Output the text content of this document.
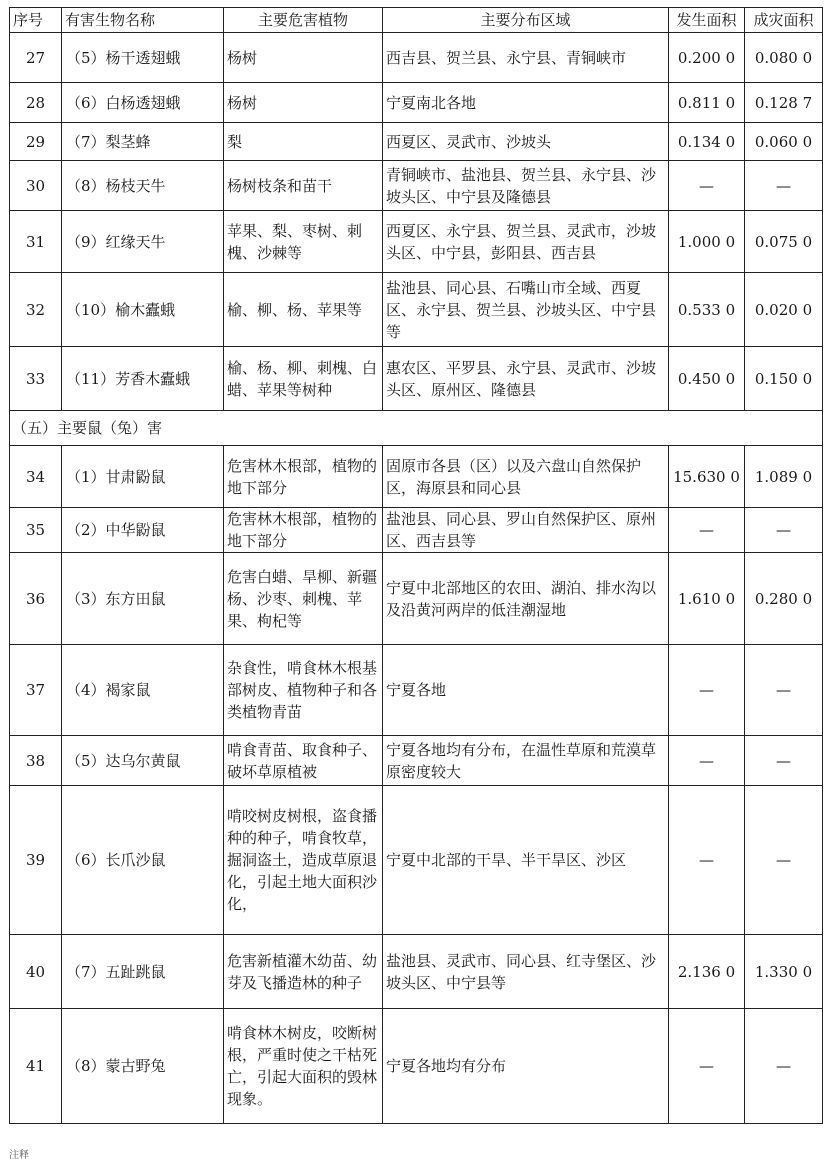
序号	有害生物名称	主要危害植物	主要分布区域	发生面积	成灾面积
27	（5）杨干透翅蛾	杨树	西吉县、贺兰县、永宁县、青铜峡市	0.200 0	0.080 0
28	（6）白杨透翅蛾	杨树	宁夏南北各地	0.811 0	0.128 7
29	（7）梨茎蜂	梨	西夏区、灵武市、沙坡头	0.134 0	0.060 0
30	（8）杨枝天牛	杨树枝条和苗干	青铜峡市、盐池县、贺兰县、永宁县、沙坡头区、中宁县及隆德县	—	—
31	（9）红缘天牛	苹果、梨、枣树、刺槐、沙棘等	西夏区、永宁县、贺兰县、灵武市，沙坡头区、中宁县，彭阳县、西吉县	1.000 0	0.075 0
32	（10）榆木蠹蛾	榆、柳、杨、苹果等	盐池县、同心县、石嘴山市全域、西夏区、永宁县、贺兰县、沙坡头区、中宁县等	0.533 0	0.020 0
33	（11）芳香木蠹蛾	榆、杨、柳、刺槐、白蜡、苹果等树种	惠农区、平罗县、永宁县、灵武市、沙坡头区、原州区、隆德县	0.450 0	0.150 0
（五）主要鼠（兔）害					
34	（1）甘肃鼢鼠	危害林木根部，植物的地下部分	固原市各县（区）以及六盘山自然保护区，海原县和同心县	15.630 0	1.089 0
35	（2）中华鼢鼠	危害林木根部，植物的地下部分	盐池县、同心县、罗山自然保护区、原州区、西吉县等	—	—
36	（3）东方田鼠	危害白蜡、旱柳、新疆杨、沙枣、刺槐、苹果、枸杞等	宁夏中北部地区的农田、湖泊、排水沟以及沿黄河两岸的低洼潮湿地	1.610 0	0.280 0
37	（4）褐家鼠	杂食性，啃食林木根基部树皮、植物种子和各类植物青苗	宁夏各地	—	—
38	（5）达乌尔黄鼠	啃食青苗、取食种子、破坏草原植被	宁夏各地均有分布，在温性草原和荒漠草原密度较大	—	—
39	（6）长爪沙鼠	啃咬树皮树根，盗食播种的种子，啃食牧草，掘洞盗土，造成草原退化，引起土地大面积沙化，	宁夏中北部的干旱、半干旱区、沙区	—	—
40	（7）五趾跳鼠	危害新植灌木幼苗、幼芽及飞播造林的种子	盐池县、灵武市、同心县、红寺堡区、沙坡头区、中宁县等	2.136 0	1.330 0
41	（8）蒙古野兔	啃食林木树皮，咬断树根，严重时使之干枯死亡，引起大面积的毁林现象。	宁夏各地均有分布	—	—
注释
